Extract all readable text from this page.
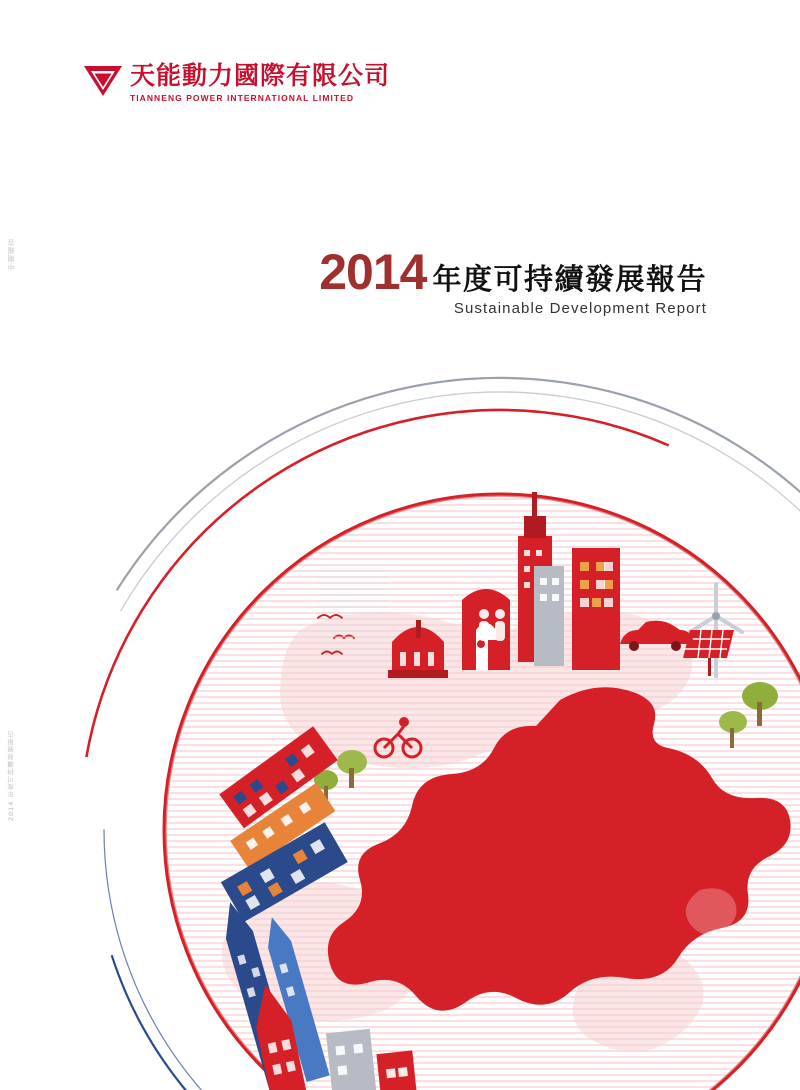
天能動力國際有限公司
TIANNENG POWER INTERNATIONAL LIMITED
中期報告
2014 年度可持續發展報告
2014 年度可持續發展報告
Sustainable Development Report
